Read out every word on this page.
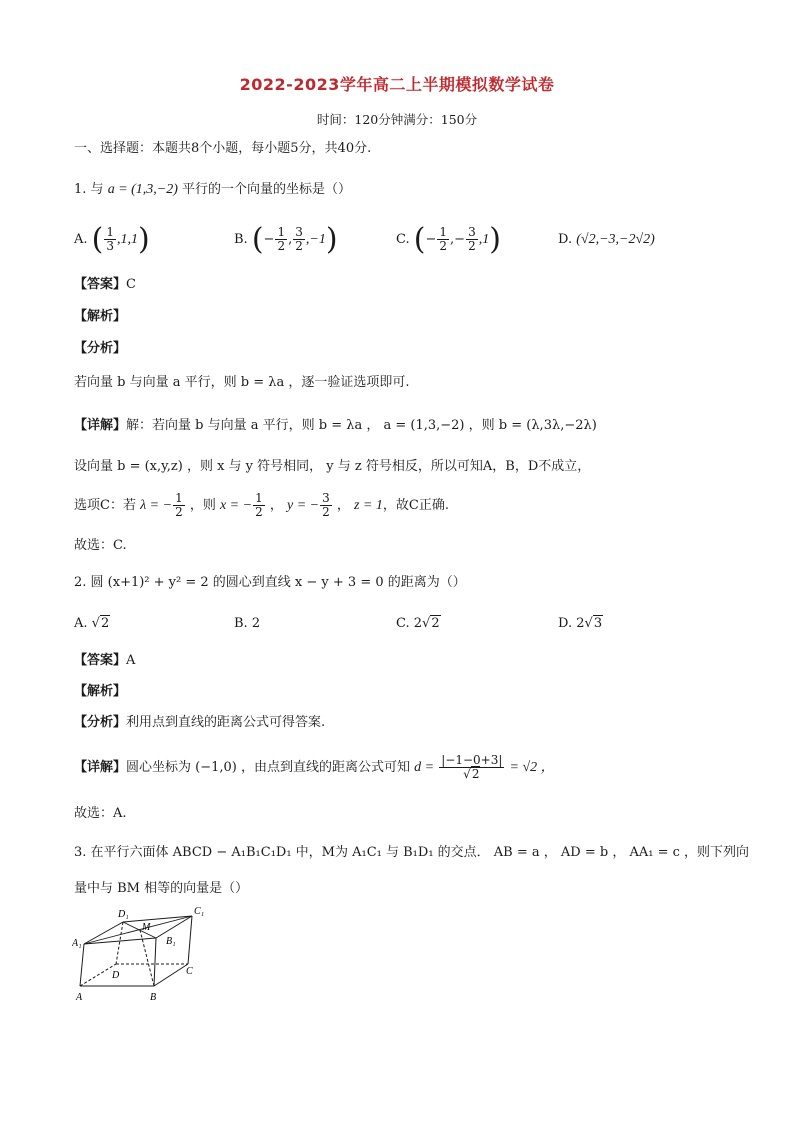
2022-2023学年高二上半期模拟数学试卷
时间：120分钟满分：150分
一、选择题：本题共8个小题，每小题5分，共40分.
1. 与 a = (1,3,−2) 平行的一个向量的坐标是（）
A. ( $\frac{1}{3} ,1,1$)	B. (− $\frac{1}{2}$ , $\frac{3}{2} ,-1$)	C. (− $\frac{1}{2}$ ,− $\frac{3}{2} ,1$)	D. (√2,−3,−2√2)
【答案】C
【解析】
【分析】
若向量 b 与向量 a 平行，则 b = λa ，逐一验证选项即可.
【详解】解：若向量 b 与向量 a 平行，则 b = λa ， a = (1,3,−2) ，则 b = (λ,3λ,−2λ)
设向量 b = (x,y,z) ，则 x 与 y 符号相同， y 与 z 符号相反，所以可知A，B，D不成立，
选项C：若 λ = − $\frac{1}{2}$ ，则 x = − $\frac{1}{2}$ ， y = − $\frac{3}{2}$ ， z = 1，故C正确.
故选：C.
2. 圆 (x+1)² + y² = 2 的圆心到直线 x − y + 3 = 0 的距离为（）
A. √2	B. 2	C. 2√2	D. 2√3
【答案】A
【解析】
【分析】利用点到直线的距离公式可得答案.
【详解】圆心坐标为 (−1,0) ，由点到直线的距离公式可知 $d = \frac{|-1-0+3|}{√2} = √2$ ，
故选：A.
3. 在平行六面体 ABCD − A₁B₁C₁D₁ 中，M为 A₁C₁ 与 B₁D₁ 的交点． AB = a ， AD = b ， AA₁ = c ，则下列向
量中与 BM 相等的向量是（）
D₁	C₁
A₁
M
B₁
D	C
A	B
